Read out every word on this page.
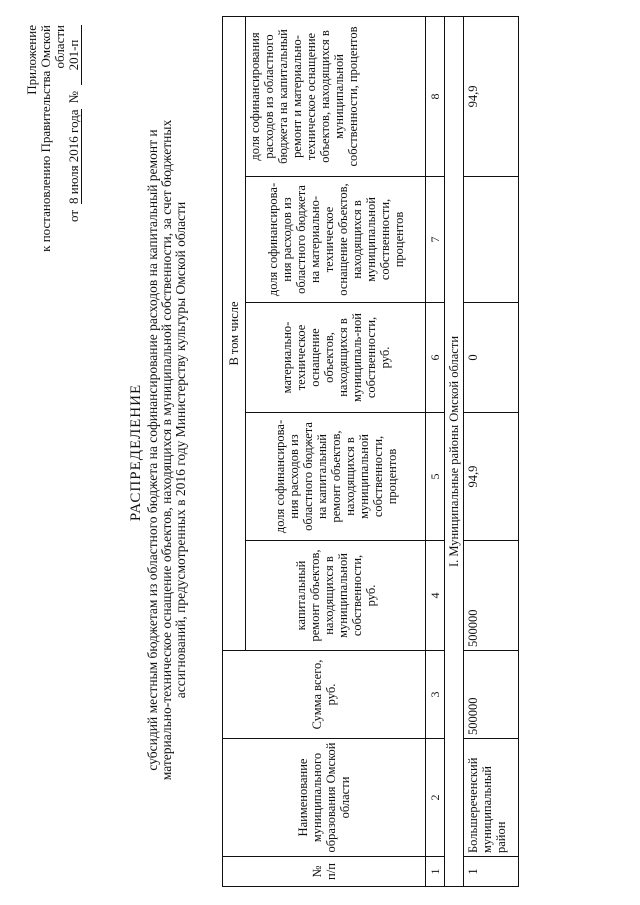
Приложение к постановлению Правительства Омской области
от
8 июля 2016 года
№
201-п
РАСПРЕДЕЛЕНИЕ субсидий местным бюджетам из областного бюджета на софинансирование расходов на капитальный ремонт и материально-техническое оснащение объектов, находящихся в муниципальной собственности, за счет бюджетных ассигнований, предусмотренных в 2016 году Министерству культуры Омской области
№ п/п	Наименование муниципального образования Омской области	Сумма всего, руб.	В том числе				
			капитальный ремонт объектов, находящихся в муниципальной собственности, руб.	доля софинансирова-ния расходов из областного бюджета на капитальный ремонт объектов, находящихся в муниципальной собственности, процентов	материально-техническое оснащение объектов, находящихся в муниципаль-ной собственности, руб.	доля софинансирова-ния расходов из областного бюджета на материально-техническое оснащение объектов, находящихся в муниципальной собственности, процентов	доля софинансирования расходов из областного бюджета на капитальный ремонт и материально-техническое оснащение объектов, находящихся в муниципальной собственности, процентов
1	2	3	4	5	6	7	8
I. Муниципальные районы Омской области							
1	Большереченский муниципальный район	500000	500000	94,9	0		94,9
